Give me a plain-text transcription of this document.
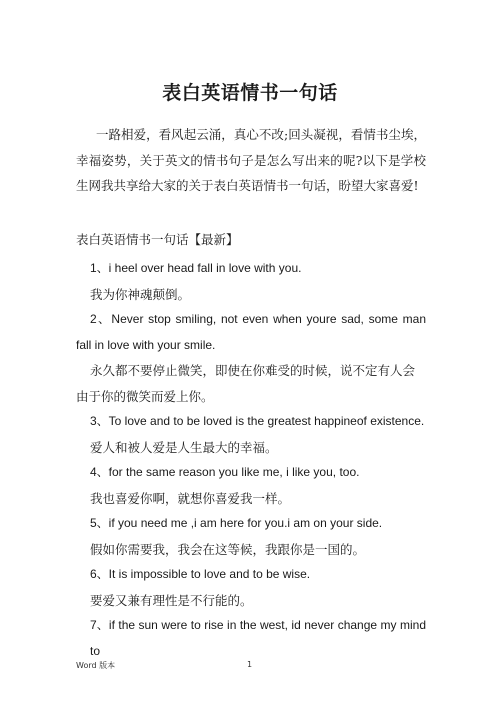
表白英语情书一句话
一路相爱，看风起云涌，真心不改;回头凝视，看情书尘埃，幸福姿势，关于英文的情书句子是怎么写出来的呢?以下是学校生网我共享给大家的关于表白英语情书一句话，盼望大家喜爱!
表白英语情书一句话【最新】

1、i heel over head fall in love with you.

我为你神魂颠倒。

2、Never stop smiling, not even when youre sad, some man fall in love with your smile.

永久都不要停止微笑，即使在你难受的时候，说不定有人会由于你的微笑而爱上你。

3、To love and to be loved is the greatest happineof existence.

爱人和被人爱是人生最大的幸福。

4、for the same reason you like me, i like you, too.

我也喜爱你啊，就想你喜爱我一样。

5、if you need me ,i am here for you.i am on your side.

假如你需要我，我会在这等候，我跟你是一国的。

6、It is impossible to love and to be wise.

要爱又兼有理性是不行能的。

7、if the sun were to rise in the west, id never change my mind to

Word 版本	1
